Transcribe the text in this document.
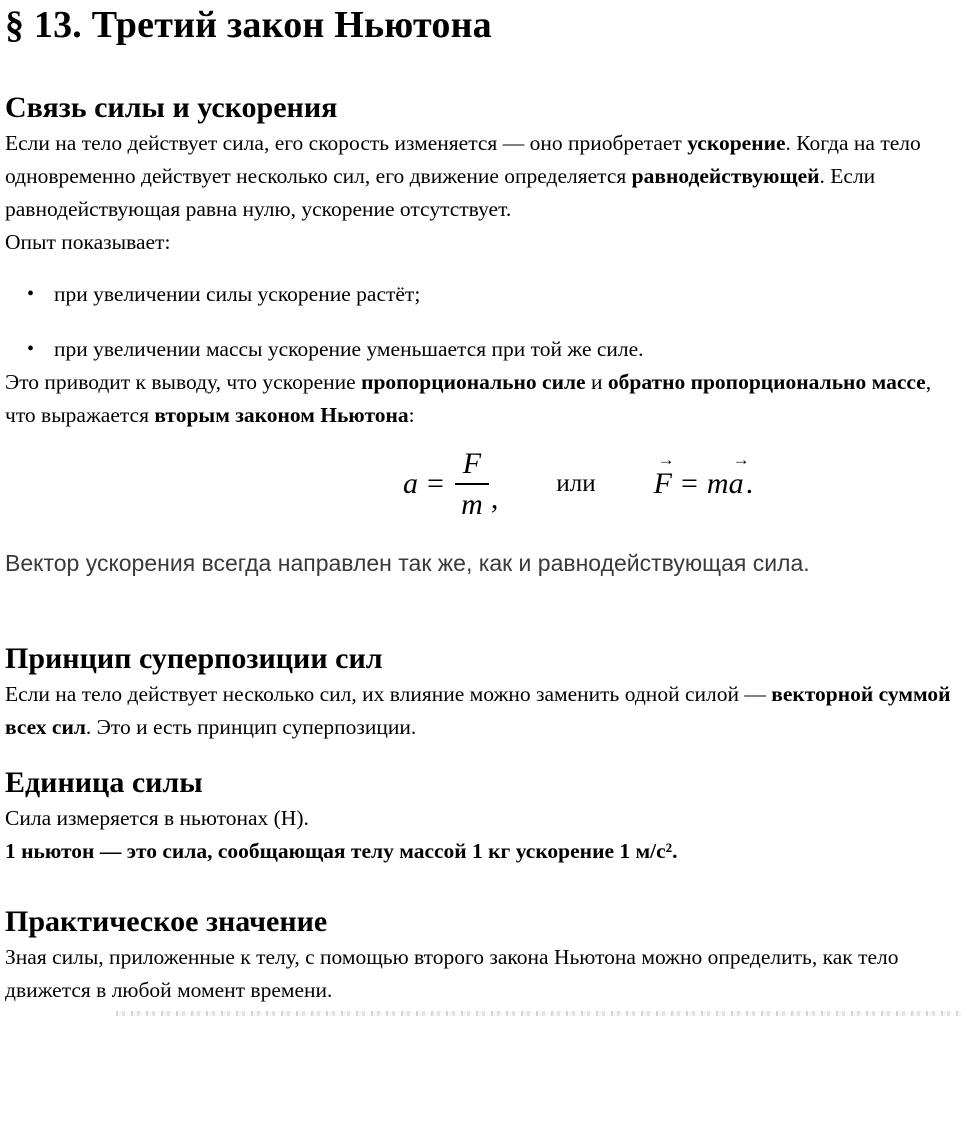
§ 13. Третий закон Ньютона
Связь силы и ускорения

Если на тело действует сила, его скорость изменяется — оно приобретает ускорение. Когда на тело одновременно действует несколько сил, его движение определяется равнодействующей. Если равнодействующая равна нулю, ускорение отсутствует.

Опыт показывает:

• при увеличении силы ускорение растёт;
• при увеличении массы ускорение уменьшается при той же силе.

Это приводит к выводу, что ускорение пропорционально силе и обратно пропорционально массе, что выражается вторым законом Ньютона:

$a = \frac{F}{m}$ , или
→
F = m
→
a .

Вектор ускорения всегда направлен так же, как и равнодействующая сила.

Принцип суперпозиции сил

Если на тело действует несколько сил, их влияние можно заменить одной силой — векторной суммой всех сил. Это и есть принцип суперпозиции.

Единица силы

Сила измеряется в ньютонах (Н).
1 ньютон — это сила, сообщающая телу массой 1 кг ускорение 1 м/с².

Практическое значение

Зная силы, приложенные к телу, с помощью второго закона Ньютона можно определить, как тело движется в любой момент времени.
